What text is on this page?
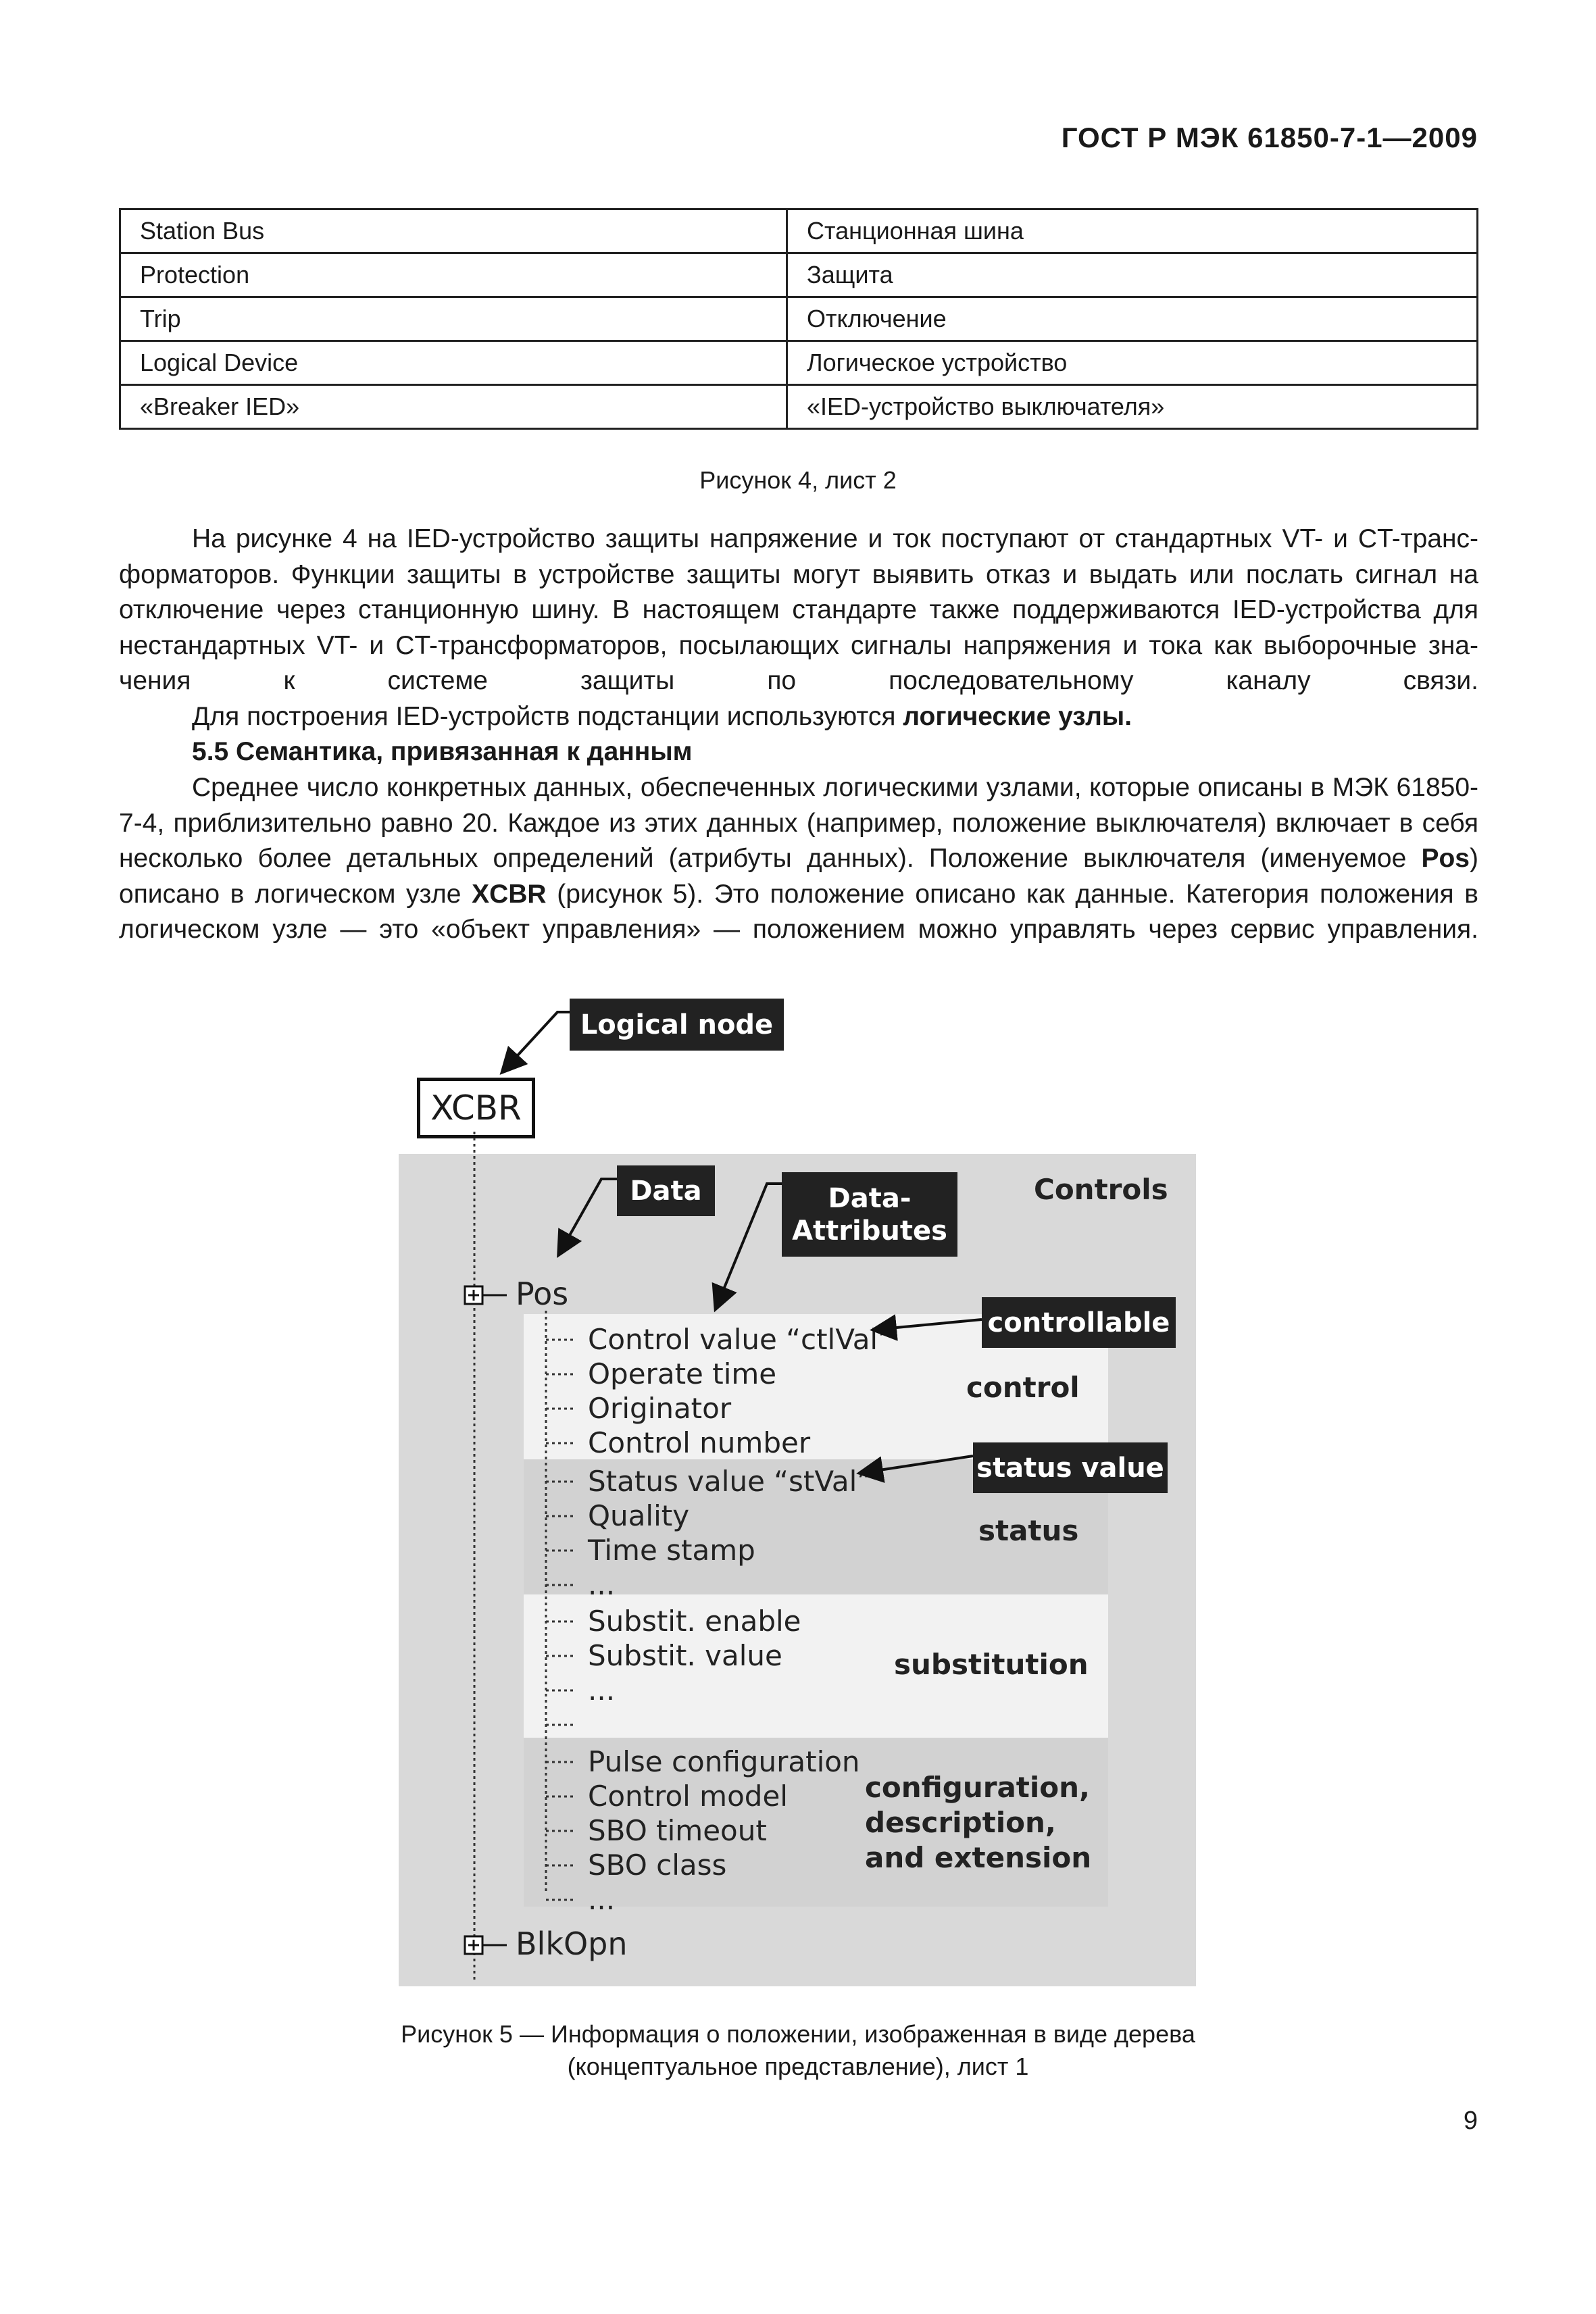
ГОСТ Р МЭК 61850-7-1—2009
Station Bus	Станционная шина
Protection	Защита
Trip	Отключение
Logical Device	Логическое устройство
«Breaker IED»	«IED-устройство выключателя»
Рисунок 4, лист 2

На рисунке 4 на IED-устройство защиты напряжение и ток поступают от стандартных VT- и CT-трансформаторов. Функции защиты в устройстве защиты могут выявить отказ и выдать или послать сигнал на отключение через станционную шину. В настоящем стандарте также поддерживаются IED-устройства для нестандартных VT- и CT-трансформаторов, посылающих сигналы напряжения и тока как выборочные значения к системе защиты по последовательному каналу связи.

Для построения IED-устройств подстанции используются логические узлы.

5.5 Семантика, привязанная к данным

Среднее число конкретных данных, обеспеченных логическими узлами, которые описаны в МЭК 61850-7-4, приблизительно равно 20. Каждое из этих данных (например, положение выключателя) включает в себя несколько более детальных определений (атрибуты данных). Положение выключателя (именуемое Pos) описано в логическом узле XCBR (рисунок 5). Это положение описано как данные. Категория положения в логическом узле — это «объект управления» — положением можно управлять через сервис управления.

Logical node
XCBR
Data	Data-
Attributes
Controls
controllable
status value
Pos
BlkOpn
control
status
substitution
configuration,
description,
and extension
Control value “ctlVal”
Operate time
Originator
Control number
Status value “stVal”
Quality
Time stamp
...
Substit. enable
Substit. value
...
Pulse configuration
Control model
SBO timeout
SBO class
...
Рисунок 5 — Информация о положении, изображенная в виде дерева
(концептуальное представление), лист 1
9
